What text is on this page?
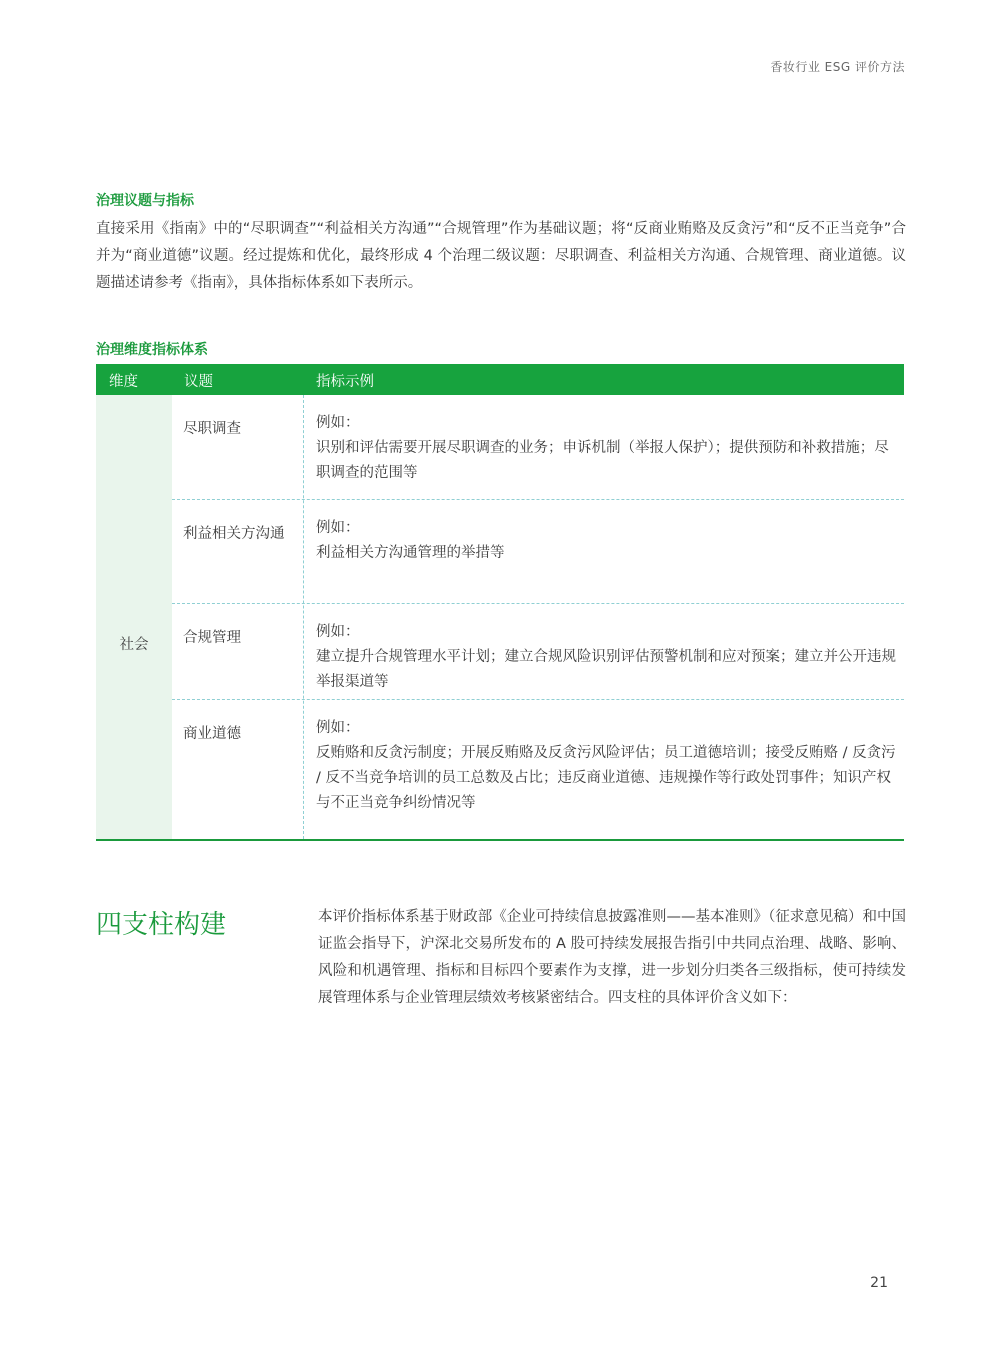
香妆行业 ESG 评价方法
治理议题与指标
直接采用《指南》中的“尽职调查”“利益相关方沟通”“合规管理”作为基础议题；将“反商业贿赂及反贪污”和“反不正当竞争”合并为“商业道德”议题。经过提炼和优化，最终形成 4 个治理二级议题：尽职调查、利益相关方沟通、合规管理、商业道德。议题描述请参考《指南》，具体指标体系如下表所示。
治理维度指标体系
维度	议题	指标示例
社会
尽职调查	例如：
识别和评估需要开展尽职调查的业务；申诉机制（举报人保护）；提供预防和补救措施；尽职调查的范围等
利益相关方沟通 例如：
利益相关方沟通管理的举措等
合规管理	例如：
建立提升合规管理水平计划；建立合规风险识别评估预警机制和应对预案；建立并公开违规举报渠道等
商业道德	例如：
反贿赂和反贪污制度；开展反贿赂及反贪污风险评估；员工道德培训；接受反贿赂 / 反贪污 / 反不当竞争培训的员工总数及占比；违反商业道德、违规操作等行政处罚事件；知识产权与不正当竞争纠纷情况等
四支柱构建	本评价指标体系基于财政部《企业可持续信息披露准则——基本准则》（征求意见稿）和中国证监会指导下，沪深北交易所发布的 A 股可持续发展报告指引中共同点治理、战略、影响、风险和机遇管理、指标和目标四个要素作为支撑，进一步划分归类各三级指标，使可持续发展管理体系与企业管理层绩效考核紧密结合。四支柱的具体评价含义如下：
21
